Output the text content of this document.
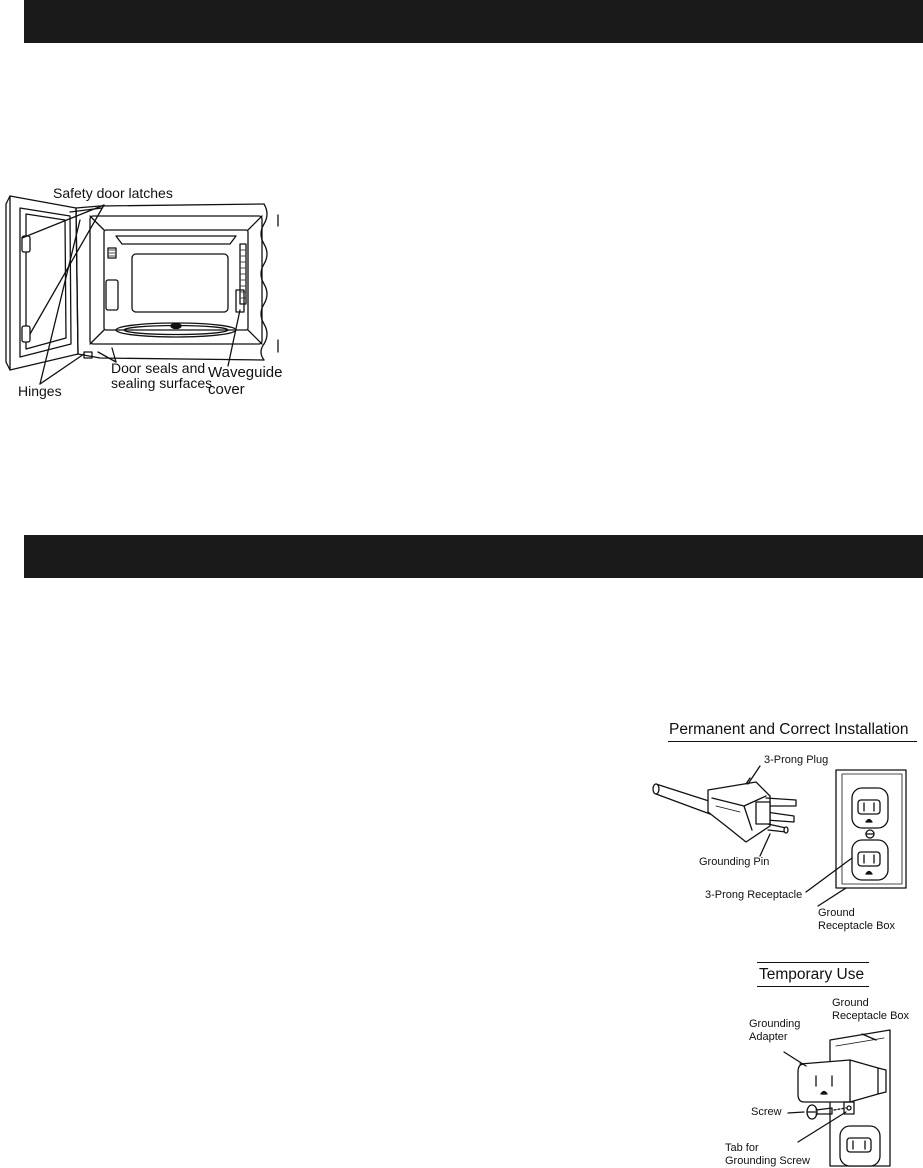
Safety door latches
Hinges
Door seals and
sealing surfaces
Waveguide
cover
Permanent and Correct Installation
3-Prong Plug
Grounding Pin
3-Prong Receptacle
Ground
Receptacle Box
Temporary Use
Ground
Receptacle Box
Grounding
Adapter
Screw
Tab for
Grounding Screw
